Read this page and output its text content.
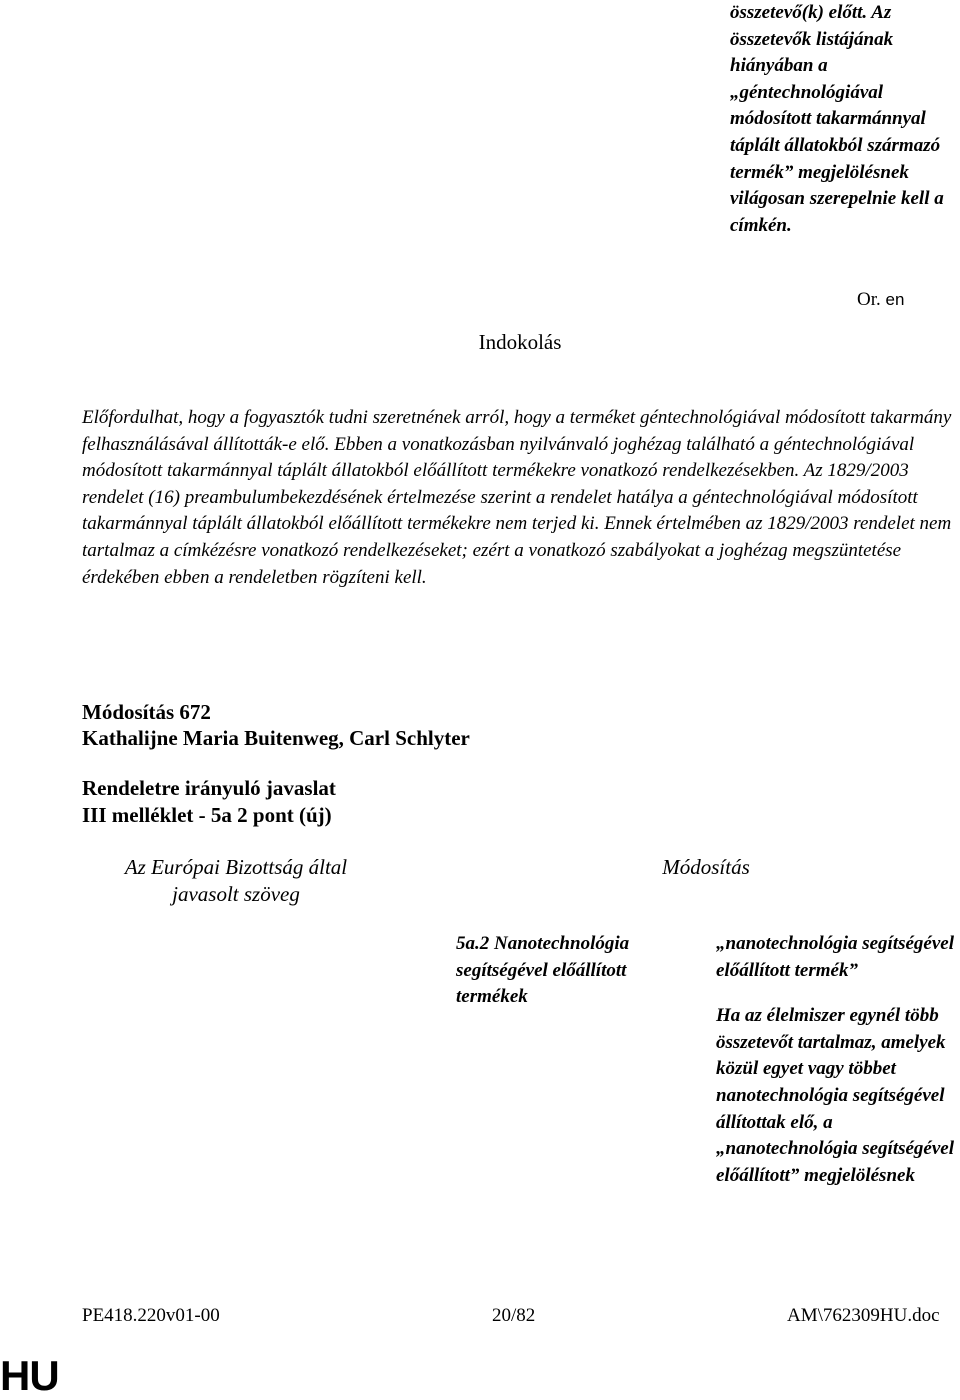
összetevő(k) előtt. Az összetevők listájának hiányában a „géntechnológiával módosított takarmánnyal táplált állatokból származó termék” megjelölésnek világosan szerepelnie kell a címkén.
Or. en
Indokolás
Előfordulhat, hogy a fogyasztók tudni szeretnének arról, hogy a terméket géntechnológiával módosított takarmány felhasználásával állították-e elő. Ebben a vonatkozásban nyilvánvaló joghézag található a géntechnológiával módosított takarmánnyal táplált állatokból előállított termékekre vonatkozó rendelkezésekben. Az 1829/2003 rendelet (16) preambulumbekezdésének értelmezése szerint a rendelet hatálya a géntechnológiával módosított takarmánnyal táplált állatokból előállított termékekre nem terjed ki. Ennek értelmében az 1829/2003 rendelet nem tartalmaz a címkézésre vonatkozó rendelkezéseket; ezért a vonatkozó szabályokat a joghézag megszüntetése érdekében ebben a rendeletben rögzíteni kell.
Módosítás 672
Kathalijne Maria Buitenweg, Carl Schlyter
Rendeletre irányuló javaslat
III melléklet - 5a 2 pont (új)
Az Európai Bizottság által javasolt szöveg
Módosítás
5a.2 Nanotechnológia segítségével előállított termékek

„nanotechnológia segítségével előállított termék”

Ha az élelmiszer egynél több összetevőt tartalmaz, amelyek közül egyet vagy többet nanotechnológia segítségével állítottak elő, a „nanotechnológia segítségével előállított” megjelölésnek

PE418.220v01-00	20/82	AM\762309HU.doc
HU
